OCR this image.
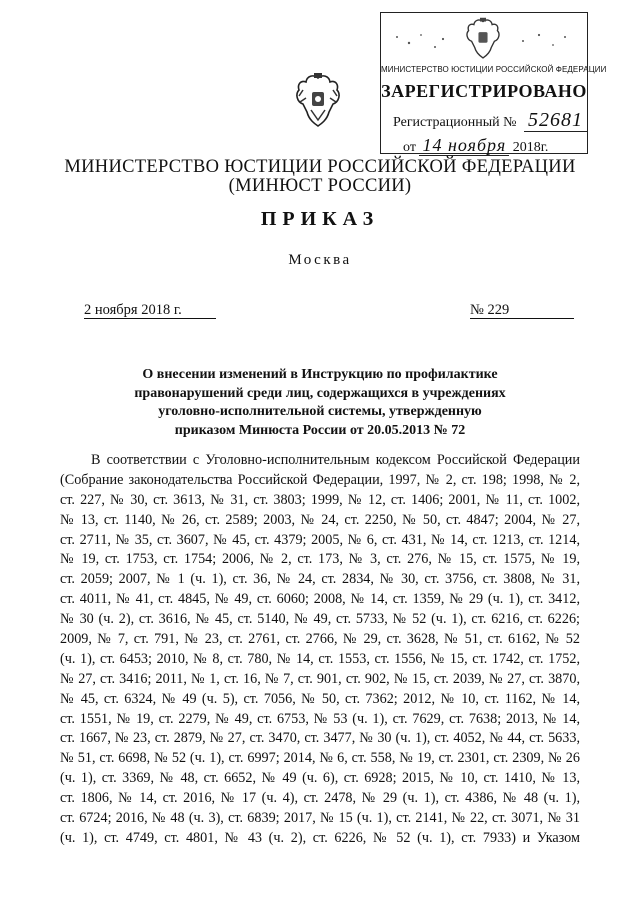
МИНИСТЕРСТВО ЮСТИЦИИ РОССИЙСКОЙ ФЕДЕРАЦИИ
ЗАРЕГИСТРИРОВАНО
Регистрационный № 52681
от 14 ноября 2018г.
МИНИСТЕРСТВО ЮСТИЦИИ РОССИЙСКОЙ ФЕДЕРАЦИИ
(МИНЮСТ РОССИИ)
ПРИКАЗ
Москва
2 ноября 2018 г.	№ 229
О внесении изменений в Инструкцию по профилактике
правонарушений среди лиц, содержащихся в учреждениях
уголовно-исполнительной системы, утвержденную
приказом Минюста России от 20.05.2013 № 72
В соответствии с Уголовно-исполнительным кодексом Российской Федерации
(Собрание законодательства Российской Федерации, 1997, № 2, ст. 198; 1998, № 2,
ст. 227, № 30, ст. 3613, № 31, ст. 3803; 1999, № 12, ст. 1406; 2001, № 11, ст. 1002,
№ 13, ст. 1140, № 26, ст. 2589; 2003, № 24, ст. 2250, № 50, ст. 4847; 2004, № 27,
ст. 2711, № 35, ст. 3607, № 45, ст. 4379; 2005, № 6, ст. 431, № 14, ст. 1213, ст. 1214,
№ 19, ст. 1753, ст. 1754; 2006, № 2, ст. 173, № 3, ст. 276, № 15, ст. 1575, № 19,
ст. 2059; 2007, № 1 (ч. 1), ст. 36, № 24, ст. 2834, № 30, ст. 3756, ст. 3808, № 31,
ст. 4011, № 41, ст. 4845, № 49, ст. 6060; 2008, № 14, ст. 1359, № 29 (ч. 1), ст. 3412,
№ 30 (ч. 2), ст. 3616, № 45, ст. 5140, № 49, ст. 5733, № 52 (ч. 1), ст. 6216, ст. 6226;
2009, № 7, ст. 791, № 23, ст. 2761, ст. 2766, № 29, ст. 3628, № 51, ст. 6162, № 52
(ч. 1), ст. 6453; 2010, № 8, ст. 780, № 14, ст. 1553, ст. 1556, № 15, ст. 1742, ст. 1752,
№ 27, ст. 3416; 2011, № 1, ст. 16, № 7, ст. 901, ст. 902, № 15, ст. 2039, № 27, ст. 3870,
№ 45, ст. 6324, № 49 (ч. 5), ст. 7056, № 50, ст. 7362; 2012, № 10, ст. 1162, № 14,
ст. 1551, № 19, ст. 2279, № 49, ст. 6753, № 53 (ч. 1), ст. 7629, ст. 7638; 2013, № 14,
ст. 1667, № 23, ст. 2879, № 27, ст. 3470, ст. 3477, № 30 (ч. 1), ст. 4052, № 44, ст. 5633,
№ 51, ст. 6698, № 52 (ч. 1), ст. 6997; 2014, № 6, ст. 558, № 19, ст. 2301, ст. 2309, № 26
(ч. 1), ст. 3369, № 48, ст. 6652, № 49 (ч. 6), ст. 6928; 2015, № 10, ст. 1410, № 13,
ст. 1806, № 14, ст. 2016, № 17 (ч. 4), ст. 2478, № 29 (ч. 1), ст. 4386, № 48 (ч. 1),
ст. 6724; 2016, № 48 (ч. 3), ст. 6839; 2017, № 15 (ч. 1), ст. 2141, № 22, ст. 3071, № 31
(ч. 1), ст. 4749, ст. 4801, № 43 (ч. 2), ст. 6226, № 52 (ч. 1), ст. 7933) и Указом
